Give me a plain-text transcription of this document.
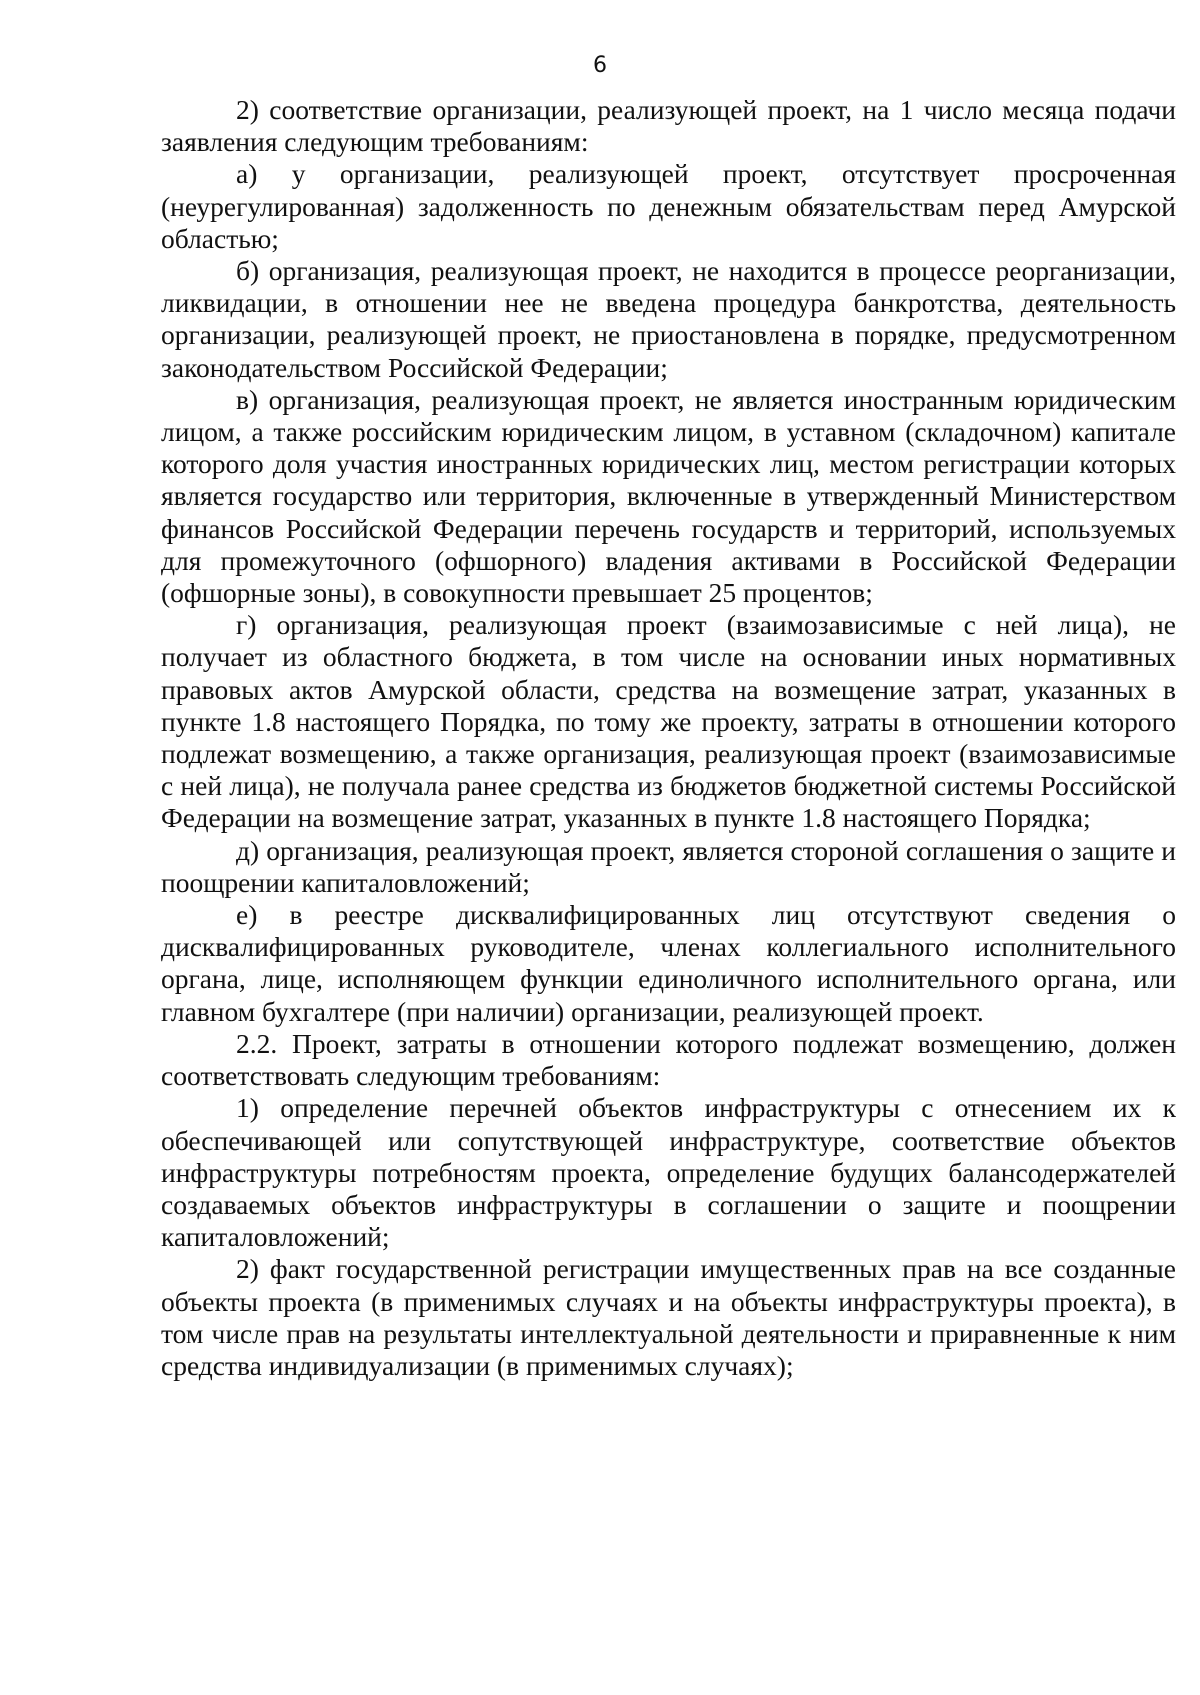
6

2) соответствие организации, реализующей проект, на 1 число месяца подачи заявления следующим требованиям:

а) у организации, реализующей проект, отсутствует просроченная (неурегулированная) задолженность по денежным обязательствам перед Амурской областью;

б) организация, реализующая проект, не находится в процессе реорганизации, ликвидации, в отношении нее не введена процедура банкротства, деятельность организации, реализующей проект, не приостановлена в порядке, предусмотренном законодательством Российской Федерации;

в) организация, реализующая проект, не является иностранным юридическим лицом, а также российским юридическим лицом, в уставном (складочном) капитале которого доля участия иностранных юридических лиц, местом регистрации которых является государство или территория, включенные в утвержденный Министерством финансов Российской Федерации перечень государств и территорий, используемых для промежуточного (офшорного) владения активами в Российской Федерации (офшорные зоны), в совокупности превышает 25 процентов;

г) организация, реализующая проект (взаимозависимые с ней лица), не получает из областного бюджета, в том числе на основании иных нормативных правовых актов Амурской области, средства на возмещение затрат, указанных в пункте 1.8 настоящего Порядка, по тому же проекту, затраты в отношении которого подлежат возмещению, а также организация, реализующая проект (взаимозависимые с ней лица), не получала ранее средства из бюджетов бюджетной системы Российской Федерации на возмещение затрат, указанных в пункте 1.8 настоящего Порядка;

д) организация, реализующая проект, является стороной соглашения о защите и поощрении капиталовложений;

е) в реестре дисквалифицированных лиц отсутствуют сведения о дисквалифицированных руководителе, членах коллегиального исполнительного органа, лице, исполняющем функции единоличного исполнительного органа, или главном бухгалтере (при наличии) организации, реализующей проект.

2.2. Проект, затраты в отношении которого подлежат возмещению, должен соответствовать следующим требованиям:

1) определение перечней объектов инфраструктуры с отнесением их к обеспечивающей или сопутствующей инфраструктуре, соответствие объектов инфраструктуры потребностям проекта, определение будущих балансодержателей создаваемых объектов инфраструктуры в соглашении о защите и поощрении капиталовложений;

2) факт государственной регистрации имущественных прав на все созданные объекты проекта (в применимых случаях и на объекты инфраструктуры проекта), в том числе прав на результаты интеллектуальной деятельности и приравненные к ним средства индивидуализации (в применимых случаях);
